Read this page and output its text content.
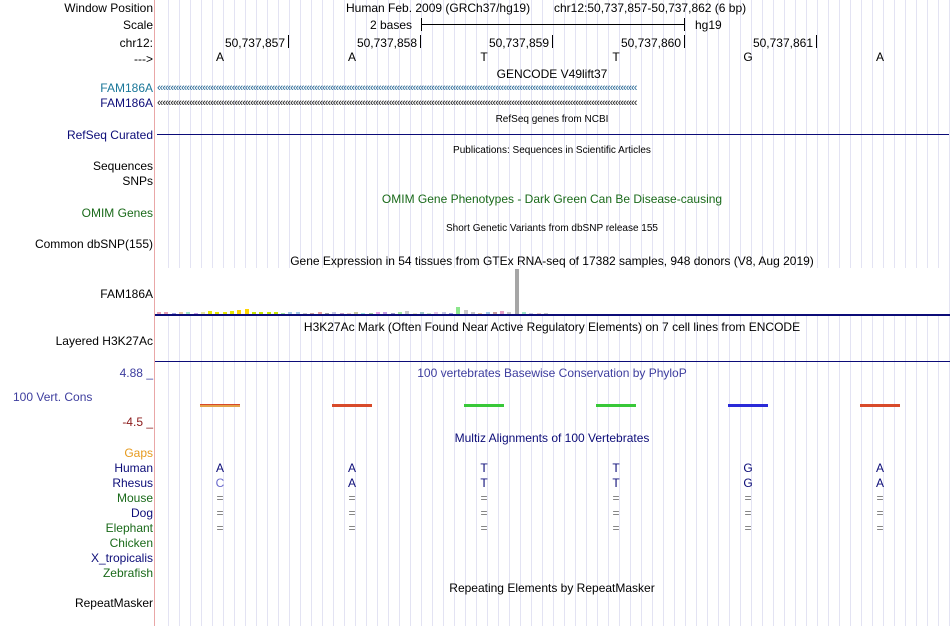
Window Position	Human Feb. 2009 (GRCh37/hg19) chr12:50,737,857-50,737,862 (6 bp)
Scale	2 bases	hg19
chr12:	50,737,857	50,737,858	50,737,859	50,737,860	50,737,861
--->	A	A	T	T	G	A
GENCODE V49lift37
FAM186A ‹‹‹‹‹‹‹‹‹‹‹‹‹‹‹‹‹‹‹‹‹‹‹‹‹‹‹‹‹‹‹‹‹‹‹‹‹‹‹‹‹‹‹‹‹‹‹‹‹‹‹‹‹‹‹‹‹‹‹‹‹‹‹‹‹‹‹‹‹‹‹‹‹‹‹‹‹‹‹‹‹‹‹‹‹‹‹‹‹‹‹‹‹‹‹‹‹‹‹‹‹‹‹‹‹‹‹‹‹‹‹‹‹‹‹‹‹‹‹‹‹‹‹‹‹‹‹‹‹‹‹‹‹‹‹‹‹‹‹‹‹‹‹‹‹‹‹‹‹‹‹‹‹‹‹‹‹‹‹‹‹‹‹‹‹‹‹‹‹‹‹‹‹‹‹‹‹‹‹‹
FAM186A ‹‹‹‹‹‹‹‹‹‹‹‹‹‹‹‹‹‹‹‹‹‹‹‹‹‹‹‹‹‹‹‹‹‹‹‹‹‹‹‹‹‹‹‹‹‹‹‹‹‹‹‹‹‹‹‹‹‹‹‹‹‹‹‹‹‹‹‹‹‹‹‹‹‹‹‹‹‹‹‹‹‹‹‹‹‹‹‹‹‹‹‹‹‹‹‹‹‹‹‹‹‹‹‹‹‹‹‹‹‹‹‹‹‹‹‹‹‹‹‹‹‹‹‹‹‹‹‹‹‹‹‹‹‹‹‹‹‹‹‹‹‹‹‹‹‹‹‹‹‹‹‹‹‹‹‹‹‹‹‹‹‹‹‹‹‹‹‹‹‹‹‹‹‹‹‹‹‹‹‹
RefSeq genes from NCBI
RefSeq Curated
Publications: Sequences in Scientific Articles
Sequences
SNPs
OMIM Gene Phenotypes - Dark Green Can Be Disease-causing
OMIM Genes
Short Genetic Variants from dbSNP release 155
Common dbSNP(155)
Gene Expression in 54 tissues from GTEx RNA-seq of 17382 samples, 948 donors (V8, Aug 2019)
FAM186A
H3K27Ac Mark (Often Found Near Active Regulatory Elements) on 7 cell lines from ENCODE
Layered H3K27Ac
4.88 _	100 vertebrates Basewise Conservation by PhyloP
100 Vert. Cons
-4.5 _
Multiz Alignments of 100 Vertebrates
Gaps
Human	A	A	T	T	G	A
Rhesus	C	A	T	T	G	A
Mouse	=	=	=	=	=	=
Dog	=	=	=	=	=	=
Elephant	=	=	=	=	=	=
Chicken
X_tropicalis
Zebrafish
Repeating Elements by RepeatMasker
RepeatMasker
